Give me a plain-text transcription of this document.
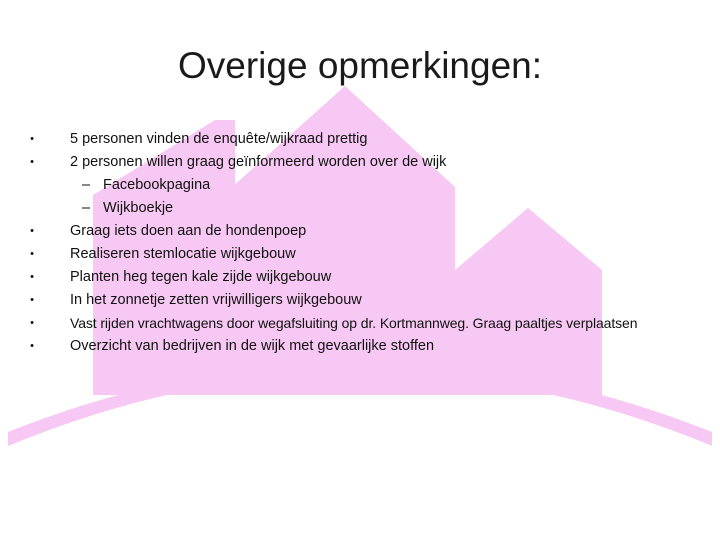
Overige opmerkingen:
• 5 personen vinden de enquête/wijkraad prettig
• 2 personen willen graag geïnformeerd worden over de wijk
– Facebookpagina
– Wijkboekje
• Graag iets doen aan de hondenpoep
• Realiseren stemlocatie wijkgebouw
• Planten heg tegen kale zijde wijkgebouw
• In het zonnetje zetten vrijwilligers wijkgebouw
•	Vast rijden vrachtwagens door wegafsluiting op dr. Kortmannweg. Graag paaltjes verplaatsen
• Overzicht van bedrijven in de wijk met gevaarlijke stoffen
